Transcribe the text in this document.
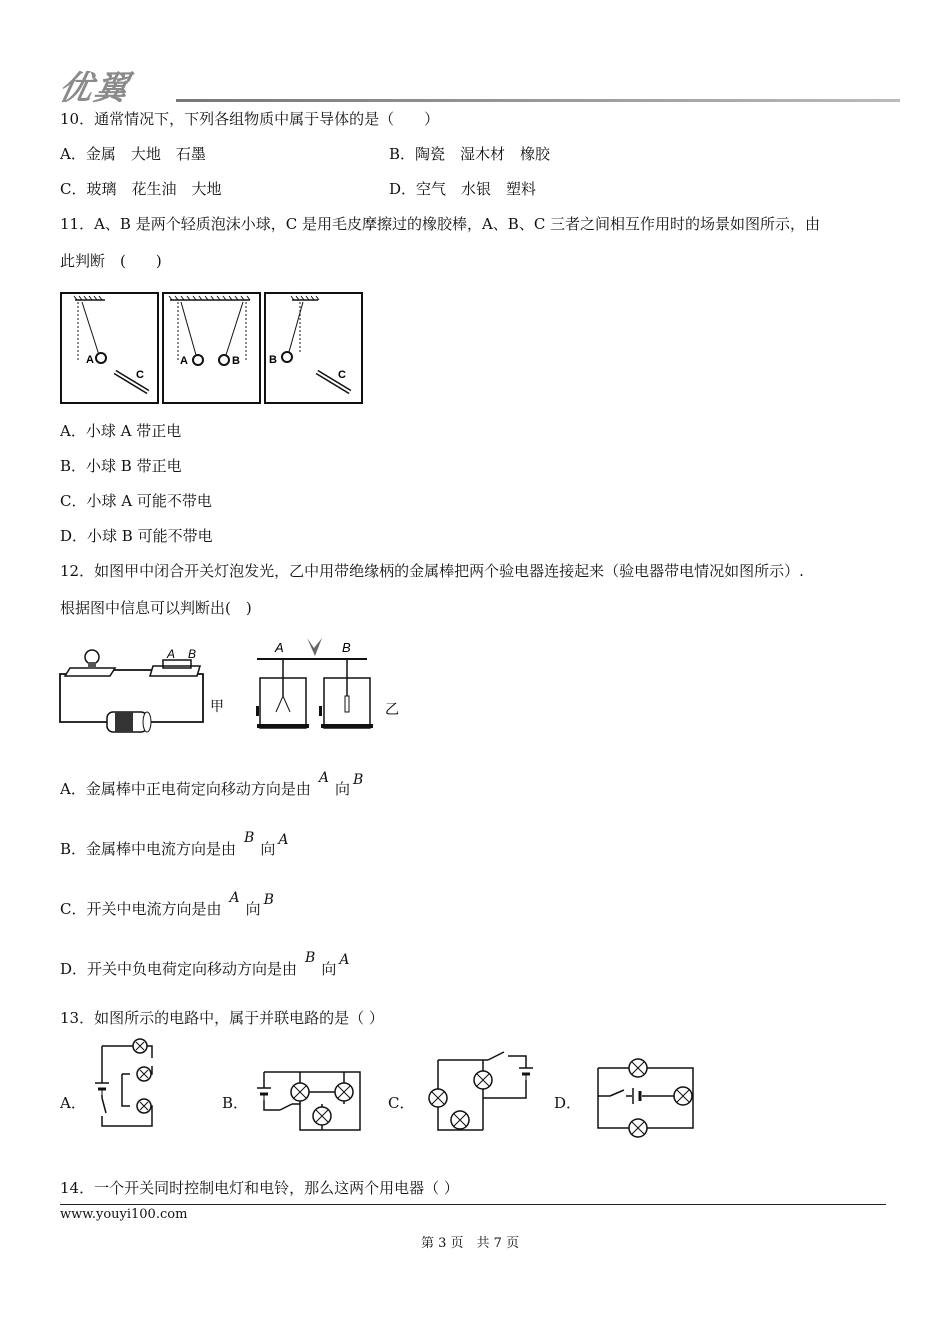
优翼
10．通常情况下，下列各组物质中属于导体的是（　　）
A．金属　大地　石墨	B．陶瓷　湿木材　橡胶
C．玻璃　花生油　大地	D．空气　水银　塑料
11．A、B 是两个轻质泡沫小球，C 是用毛皮摩擦过的橡胶棒，A、B、C 三者之间相互作用时的场景如图所示，由
此判断　(　　)
A
C
A	B	B
C
A．小球 A 带正电
B．小球 B 带正电
C．小球 A 可能不带电
D．小球 B 可能不带电
12．如图甲中闭合开关灯泡发光，乙中用带绝缘柄的金属棒把两个验电器连接起来（验电器带电情况如图所示）.
根据图中信息可以判断出(　)
A B
甲
A	B
乙
A．金属棒中正电荷定向移动方向是由A向 B
B．金属棒中电流方向是由B向 A
C．开关中电流方向是由A向 B
D．开关中负电荷定向移动方向是由B向 A
13．如图所示的电路中，属于并联电路的是（ ）
A．	B．	C．	D．
14．一个开关同时控制电灯和电铃，那么这两个用电器（ ）
www.youyi100.com
第 3 页　共 7 页
